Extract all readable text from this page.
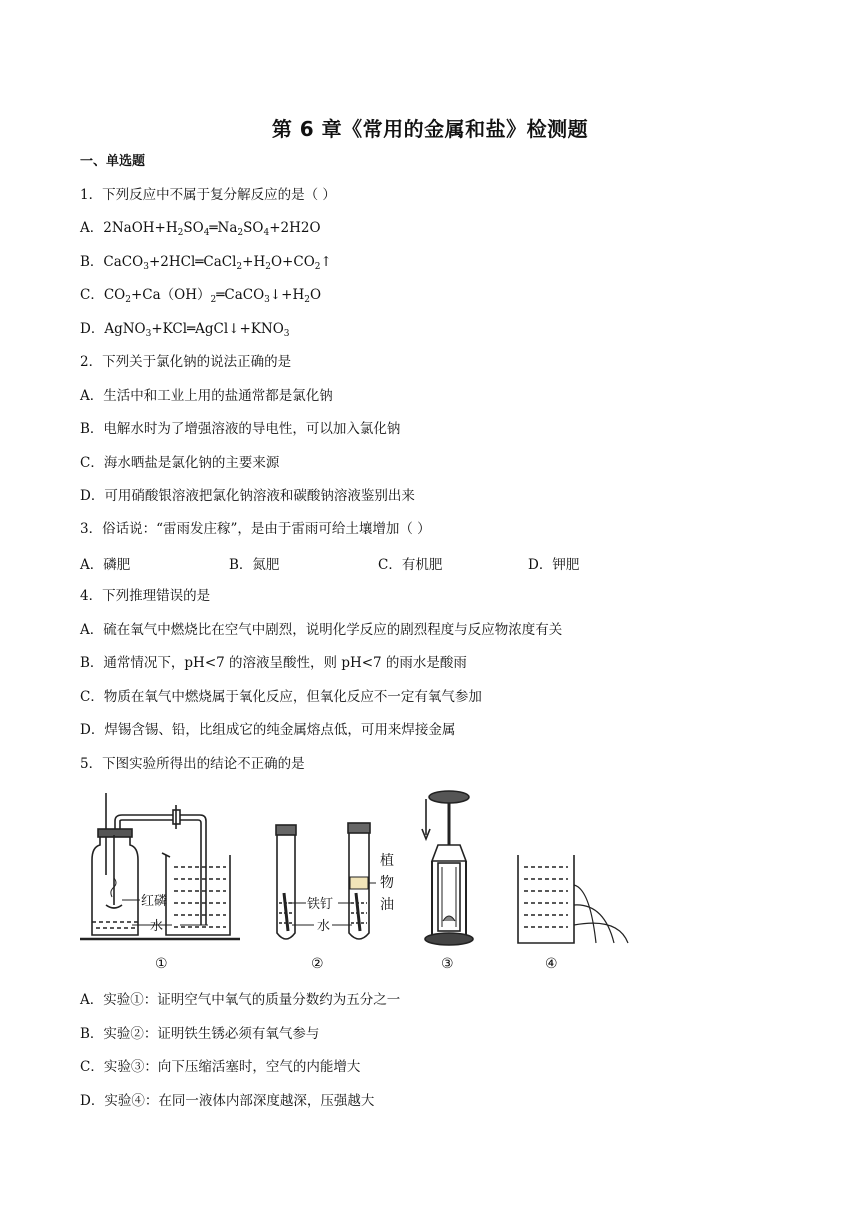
第 6 章《常用的金属和盐》检测题
一、单选题
1．下列反应中不属于复分解反应的是（ ）
A．$2NaOH+H_2SO_4═Na_2SO_4+2H2O$
B．$CaCO_3+2HCl═CaCl_2+H_2O+CO_2↑$
C．$CO_2+Ca(OH)_2═CaCO_3↓+H_2O$
D．$AgNO_3+KCl═AgCl↓+KNO_3$
2．下列关于氯化钠的说法正确的是
A．生活中和工业上用的盐通常都是氯化钠
B．电解水时为了增强溶液的导电性，可以加入氯化钠
C．海水晒盐是氯化钠的主要来源
D．可用硝酸银溶液把氯化钠溶液和碳酸钠溶液鉴别出来
3．俗话说：“雷雨发庄稼”，是由于雷雨可给土壤增加（ ）
A．磷肥	B．氮肥	C．有机肥	D．钾肥
4．下列推理错误的是
A．硫在氧气中燃烧比在空气中剧烈，说明化学反应的剧烈程度与反应物浓度有关
B．通常情况下，pH<7 的溶液呈酸性，则 pH<7 的雨水是酸雨
C．物质在氧气中燃烧属于氧化反应，但氧化反应不一定有氧气参加
D．焊锡含锡、铅，比组成它的纯金属熔点低，可用来焊接金属
5．下图实验所得出的结论不正确的是
红磷
水
①
铁钉
水
植
物
油
②	③	④
A．实验①：证明空气中氧气的质量分数约为五分之一
B．实验②：证明铁生锈必须有氧气参与
C．实验③：向下压缩活塞时，空气的内能增大
D．实验④：在同一液体内部深度越深，压强越大
